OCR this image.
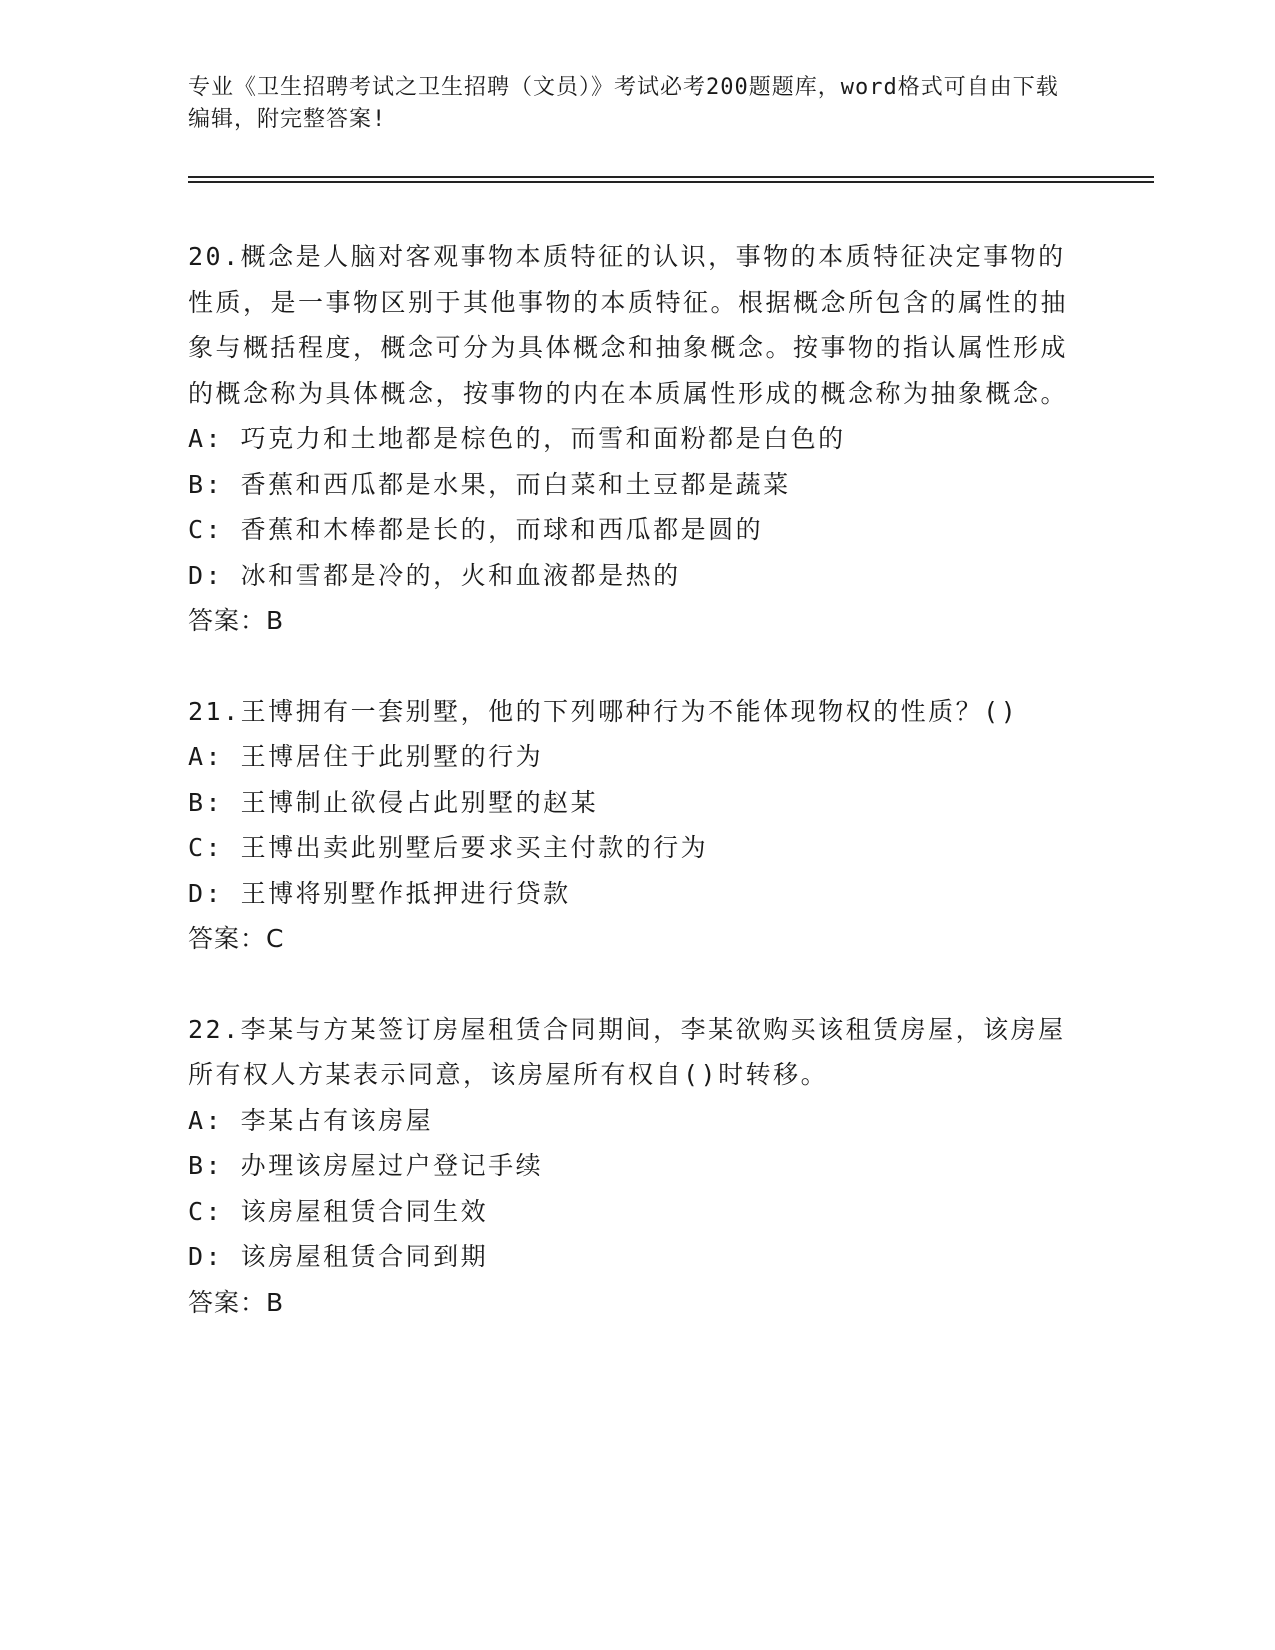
专业《卫生招聘考试之卫生招聘（文员）》考试必考200题题库，word格式可自由下载编辑，附完整答案!

20.概念是人脑对客观事物本质特征的认识，事物的本质特征决定事物的性质，是一事物区别于其他事物的本质特征。根据概念所包含的属性的抽象与概括程度，概念可分为具体概念和抽象概念。按事物的指认属性形成的概念称为具体概念，按事物的内在本质属性形成的概念称为抽象概念。

A: 巧克力和土地都是棕色的，而雪和面粉都是白色的

B: 香蕉和西瓜都是水果，而白菜和土豆都是蔬菜

C: 香蕉和木棒都是长的，而球和西瓜都是圆的

D: 冰和雪都是冷的，火和血液都是热的

答案：B

21.王博拥有一套别墅，他的下列哪种行为不能体现物权的性质？()

A: 王博居住于此别墅的行为

B: 王博制止欲侵占此别墅的赵某

C: 王博出卖此别墅后要求买主付款的行为

D: 王博将别墅作抵押进行贷款

答案：C

22.李某与方某签订房屋租赁合同期间，李某欲购买该租赁房屋，该房屋所有权人方某表示同意，该房屋所有权自()时转移。

A: 李某占有该房屋

B: 办理该房屋过户登记手续

C: 该房屋租赁合同生效

D: 该房屋租赁合同到期

答案：B
